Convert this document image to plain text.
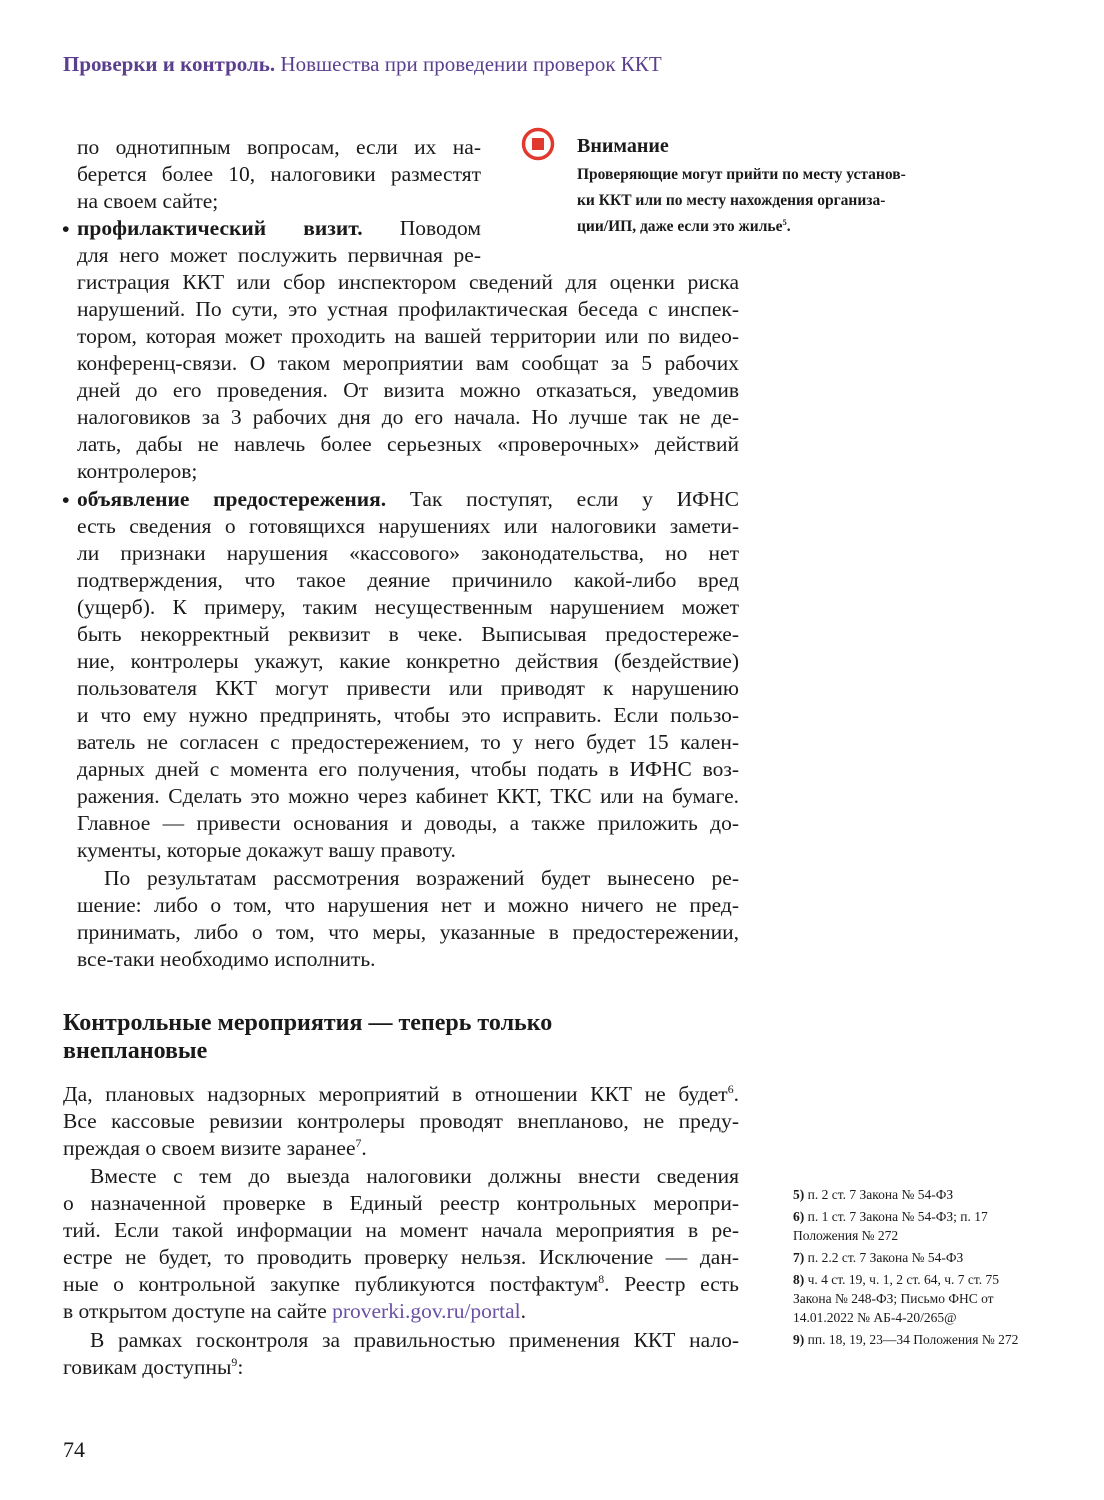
Проверки и контроль. Новшества при проведении проверок ККТ
Внимание
Проверяющие могут прийти по месту установ-
ки ККТ или по месту нахождения организа-
ции/ИП, даже если это жилье$^5$.
по однотипным вопросам, если их на-
берется более 10, налоговики разместят
на своем сайте;
• профилактический визит. Поводом
для него может послужить первичная ре-
гистрация ККТ или сбор инспектором сведений для оценки риска
нарушений. По сути, это устная профилактическая беседа с инспек-
тором, которая может проходить на вашей территории или по видео-
конференц-связи. О таком мероприятии вам сообщат за 5 рабочих
дней до его проведения. От визита можно отказаться, уведомив
налоговиков за 3 рабочих дня до его начала. Но лучше так не де-
лать, дабы не навлечь более серьезных «проверочных» действий
контролеров;
• объявление предостережения. Так поступят, если у ИФНС
есть сведения о готовящихся нарушениях или налоговики замети-
ли признаки нарушения «кассового» законодательства, но нет
подтверждения, что такое деяние причинило какой-либо вред
(ущерб). К примеру, таким несущественным нарушением может
быть некорректный реквизит в чеке. Выписывая предостереже-
ние, контролеры укажут, какие конкретно действия (бездействие)
пользователя ККТ могут привести или приводят к нарушению
и что ему нужно предпринять, чтобы это исправить. Если пользо-
ватель не согласен с предостережением, то у него будет 15 кален-
дарных дней с момента его получения, чтобы подать в ИФНС воз-
ражения. Сделать это можно через кабинет ККТ, ТКС или на бумаге.
Главное — привести основания и доводы, а также приложить до-
кументы, которые докажут вашу правоту.
По результатам рассмотрения возражений будет вынесено ре-
шение: либо о том, что нарушения нет и можно ничего не пред-
принимать, либо о том, что меры, указанные в предостережении,
все-таки необходимо исполнить.
Контрольные мероприятия — теперь только
внеплановые
Да, плановых надзорных мероприятий в отношении ККТ не будет$^6$.
Все кассовые ревизии контролеры проводят внепланово, не преду-
преждая о своем визите заранее$^7$.
Вместе с тем до выезда налоговики должны внести сведения
о назначенной проверке в Единый реестр контрольных меропри-
тий. Если такой информации на момент начала мероприятия в ре-
естре не будет, то проводить проверку нельзя. Исключение — дан-
ные о контрольной закупке публикуются постфактум$^8$. Реестр есть
в открытом доступе на сайте proverki.gov.ru/portal.
В рамках госконтроля за правильностью применения ККТ нало-
говикам доступны$^9$:
5) п. 2 ст. 7 Закона № 54-ФЗ
6) п. 1 ст. 7 Закона № 54-ФЗ; п. 17 Положения № 272
7) п. 2.2 ст. 7 Закона № 54-ФЗ
8) ч. 4 ст. 19, ч. 1, 2 ст. 64, ч. 7 ст. 75 Закона № 248-ФЗ; Письмо ФНС от 14.01.2022 № АБ-4-20/265@
9) пп. 18, 19, 23—34 Положения № 272
74
